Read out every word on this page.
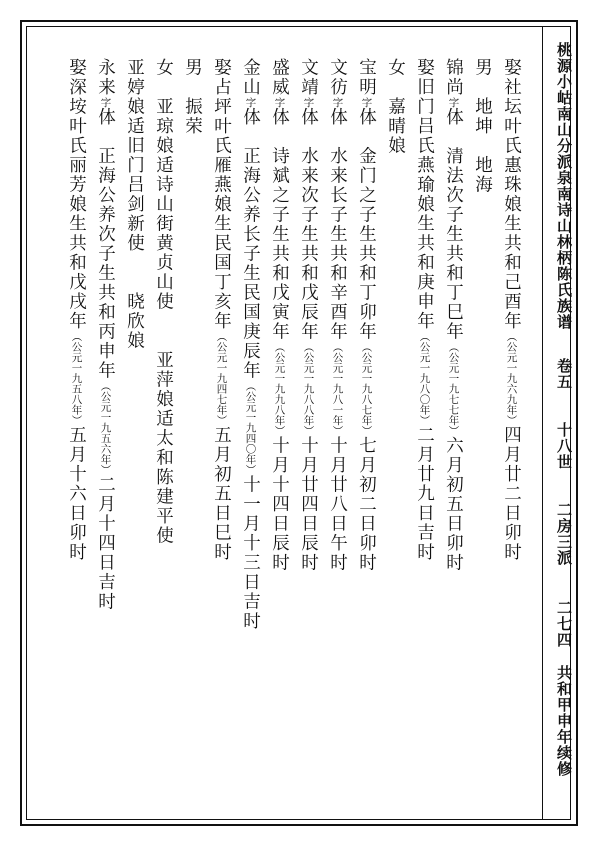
桃源小岵南山分派泉南诗山林柄陈氏族谱
卷五
十八世
二房三派
二七四
共和甲申年续修
娶社坛叶氏惠珠娘生共和己酉年（公元一九六九年）四月廿二日卯时
男　地坤　地海
锦尚字体　清法次子生共和丁巳年（公元一九七七年）六月初五日卯时
娶旧门吕氏燕瑜娘生共和庚申年（公元一九八〇年）二月廿九日吉时
女　嘉晴娘
宝明字体　金门之子生共和丁卯年（公元一九八七年）七月初二日卯时
文彷字体　水来长子生共和辛酉年（公元一九八一年）十月廿八日午时
文靖字体　水来次子生共和戊辰年（公元一九八八年）十月廿四日辰时
盛威字体　诗斌之子生共和戊寅年（公元一九九八年）十月十四日辰时
金山字体　正海公养长子生民国庚辰年（公元一九四〇年）十一月十三日吉时
娶占坪叶氏雁燕娘生民国丁亥年（公元一九四七年）五月初五日巳时
男　振荣
女　亚琼娘适诗山街黄贞山使　　亚萍娘适太和陈建平使
亚婷娘适旧门吕剑新使　　晓欣娘
永来字体　正海公养次子生共和丙申年（公元一九五六年）二月十四日吉时
娶深垵叶氏丽芳娘生共和戊戌年（公元一九五八年）五月十六日卯时
